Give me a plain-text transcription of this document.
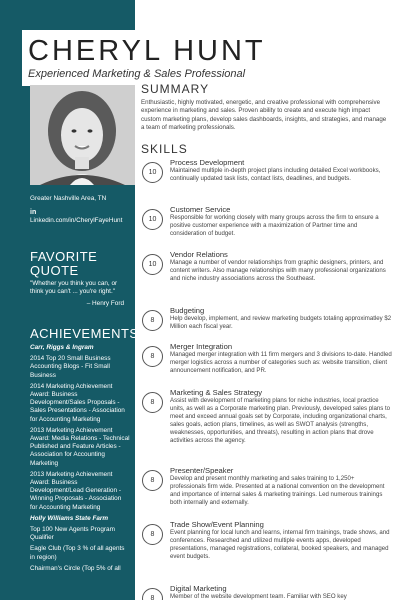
CHERYL HUNT
Experienced Marketing & Sales Professional
Greater Nashville Area, TN
in
Linkedin.com/in/CherylFayeHunt
FAVORITE QUOTE
"Whether you think you can, or think you can't ... you're right."
– Henry Ford
ACHIEVEMENTS
Carr, Riggs & Ingram
2014 Top 20 Small Business Accounting Blogs - Fit Small Business
2014 Marketing Achievement Award: Business Development/Sales Proposals - Sales Presentations - Association for Accounting Marketing
2013 Marketing Achievement Award: Media Relations - Technical Published and Feature Articles - Association for Accounting Marketing
2013 Marketing Achievement Award: Business Development/Lead Generation - Winning Proposals - Association for Accounting Marketing
Holly Williams State Farm
Top 100 New Agents Program Qualifier
Eagle Club (Top 3 % of all agents in region)
Chairman's Circle (Top 5% of all
SUMMARY
Enthusiastic, highly motivated, energetic, and creative professional with comprehensive experience in marketing and sales. Proven ability to create and execute high impact custom marketing plans, develop sales dashboards, insights, and strategies, and manage a team of marketing professionals.
SKILLS
10
Process Development
Maintained multiple in-depth project plans including detailed Excel workbooks, continually updated task lists, contact lists, deadlines, and budgets.
10
Customer Service
Responsible for working closely with many groups across the firm to ensure a positive customer experience with a maximization of Partner time and consideration of budget.
10
Vendor Relations
Manage a number of vendor relationships from graphic designers, printers, and content writers. Also manage relationships with many professional organizations and niche industry associations across the Southeast.
8
Budgeting
Help develop, implement, and review marketing budgets totaling approximatley $2 Million each fiscal year.
8
Merger Integration
Managed merger integration with 11 firm mergers and 3 divisions to-date. Handled merger logistics across a number of categories such as: website transition, client announcement notification, and PR.
8
Marketing & Sales Strategy
Assist with development of marketing plans for niche industries, local practice units, as well as a Corporate marketing plan. Previously, developed sales plans to meet and exceed annual goals set by Corporate, including organizational charts, sales goals, action plans, timelines, as well as SWOT analysis (strengths, weaknesses, opportunities, and threats), resulting in action plans that drove activities across the agency.
8
Presenter/Speaker
Develop and present monthly marketing and sales training to 1,250+ professionals firm wide. Presented at a national convention on the development and importance of internal sales & marketing trainings. Led numerous trainings both internally and externally.
8
Trade Show/Event Planning
Event planning for local lunch and learns, internal firm trainings, trade shows, and conferences. Researched and utilized multiple events apps, developed presentations, managed registrations, collateral, booked speakers, and managed event budgets.
8
Digital Marketing
Member of the website development team. Familiar with SEO key
